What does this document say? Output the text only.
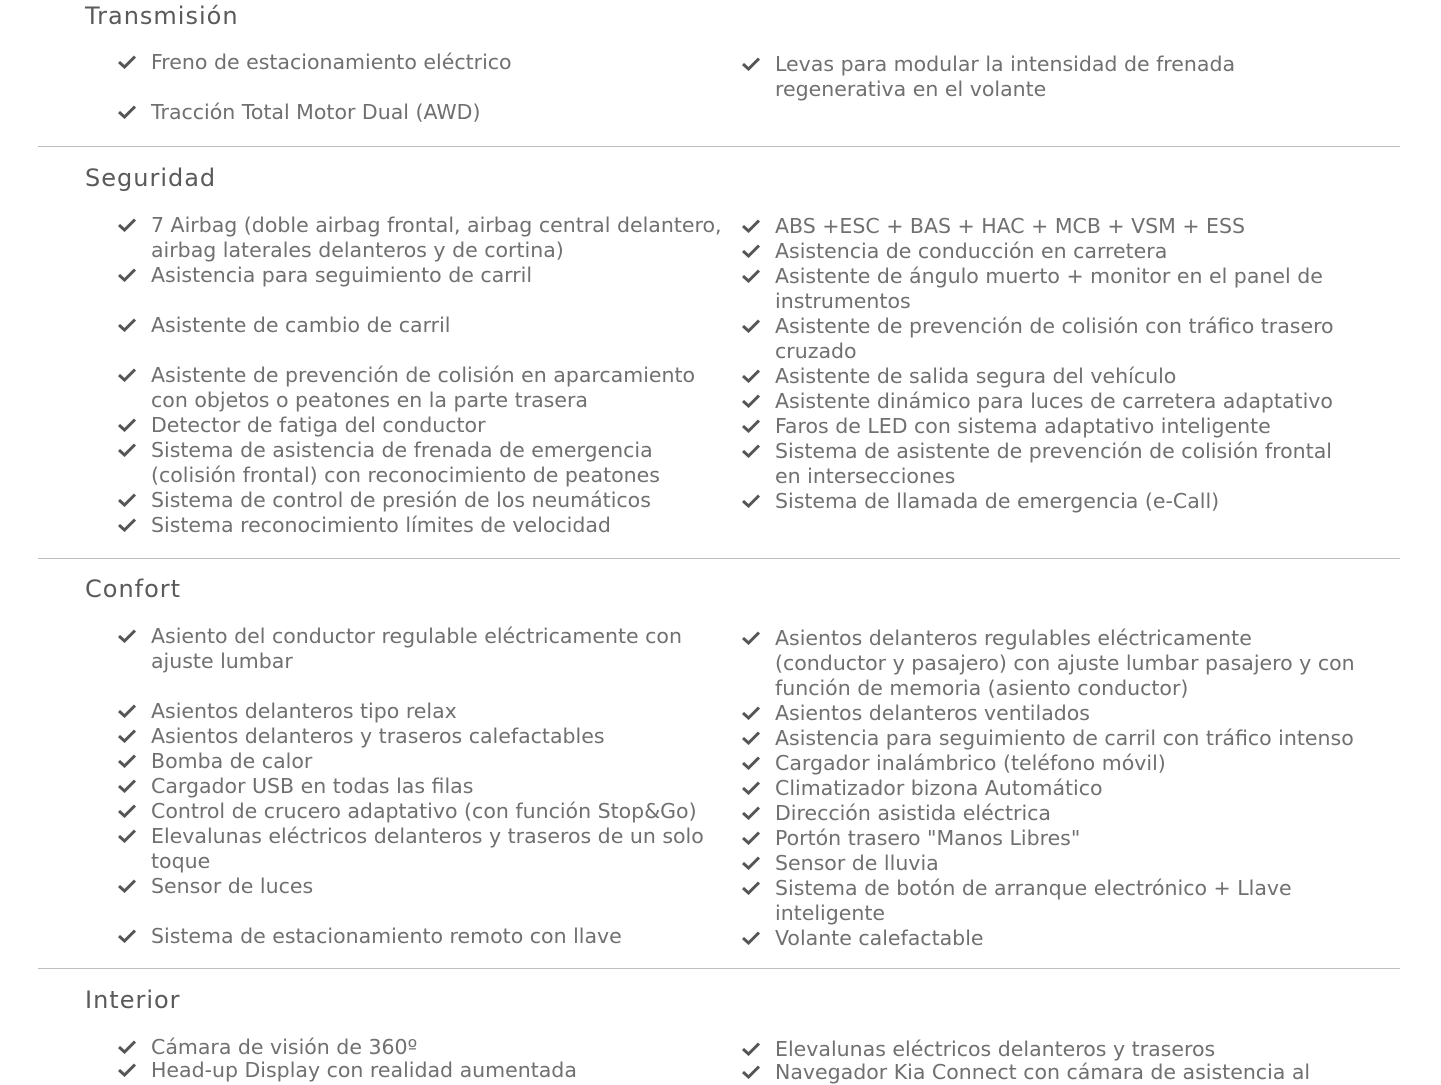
Transmisión
Freno de estacionamiento eléctrico
Tracción Total Motor Dual (AWD)
Levas para modular la intensidad de frenada regenerativa en el volante
Seguridad
7 Airbag (doble airbag frontal, airbag central delantero, airbag laterales delanteros y de cortina)
Asistencia para seguimiento de carril
Asistente de cambio de carril
Asistente de prevención de colisión en aparcamiento con objetos o peatones en la parte trasera
Detector de fatiga del conductor
Sistema de asistencia de frenada de emergencia (colisión frontal) con reconocimiento de peatones
Sistema de control de presión de los neumáticos
Sistema reconocimiento límites de velocidad
ABS +ESC + BAS + HAC + MCB + VSM + ESS
Asistencia de conducción en carretera
Asistente de ángulo muerto + monitor en el panel de instrumentos
Asistente de prevención de colisión con tráfico trasero cruzado
Asistente de salida segura del vehículo
Asistente dinámico para luces de carretera adaptativo
Faros de LED con sistema adaptativo inteligente
Sistema de asistente de prevención de colisión frontal en intersecciones
Sistema de llamada de emergencia (e-Call)
Confort
Asiento del conductor regulable eléctricamente con ajuste lumbar
Asientos delanteros tipo relax
Asientos delanteros y traseros calefactables
Bomba de calor
Cargador USB en todas las filas
Control de crucero adaptativo (con función Stop&Go)
Elevalunas eléctricos delanteros y traseros de un solo toque
Sensor de luces
Sistema de estacionamiento remoto con llave
Asientos delanteros regulables eléctricamente (conductor y pasajero) con ajuste lumbar pasajero y con función de memoria (asiento conductor)
Asientos delanteros ventilados
Asistencia para seguimiento de carril con tráfico intenso
Cargador inalámbrico (teléfono móvil)
Climatizador bizona Automático
Dirección asistida eléctrica
Portón trasero "Manos Libres"
Sensor de lluvia
Sistema de botón de arranque electrónico + Llave inteligente
Volante calefactable
Interior
Cámara de visión de 360º
Head-up Display con realidad aumentada
Elevalunas eléctricos delanteros y traseros
Navegador Kia Connect con cámara de asistencia al
